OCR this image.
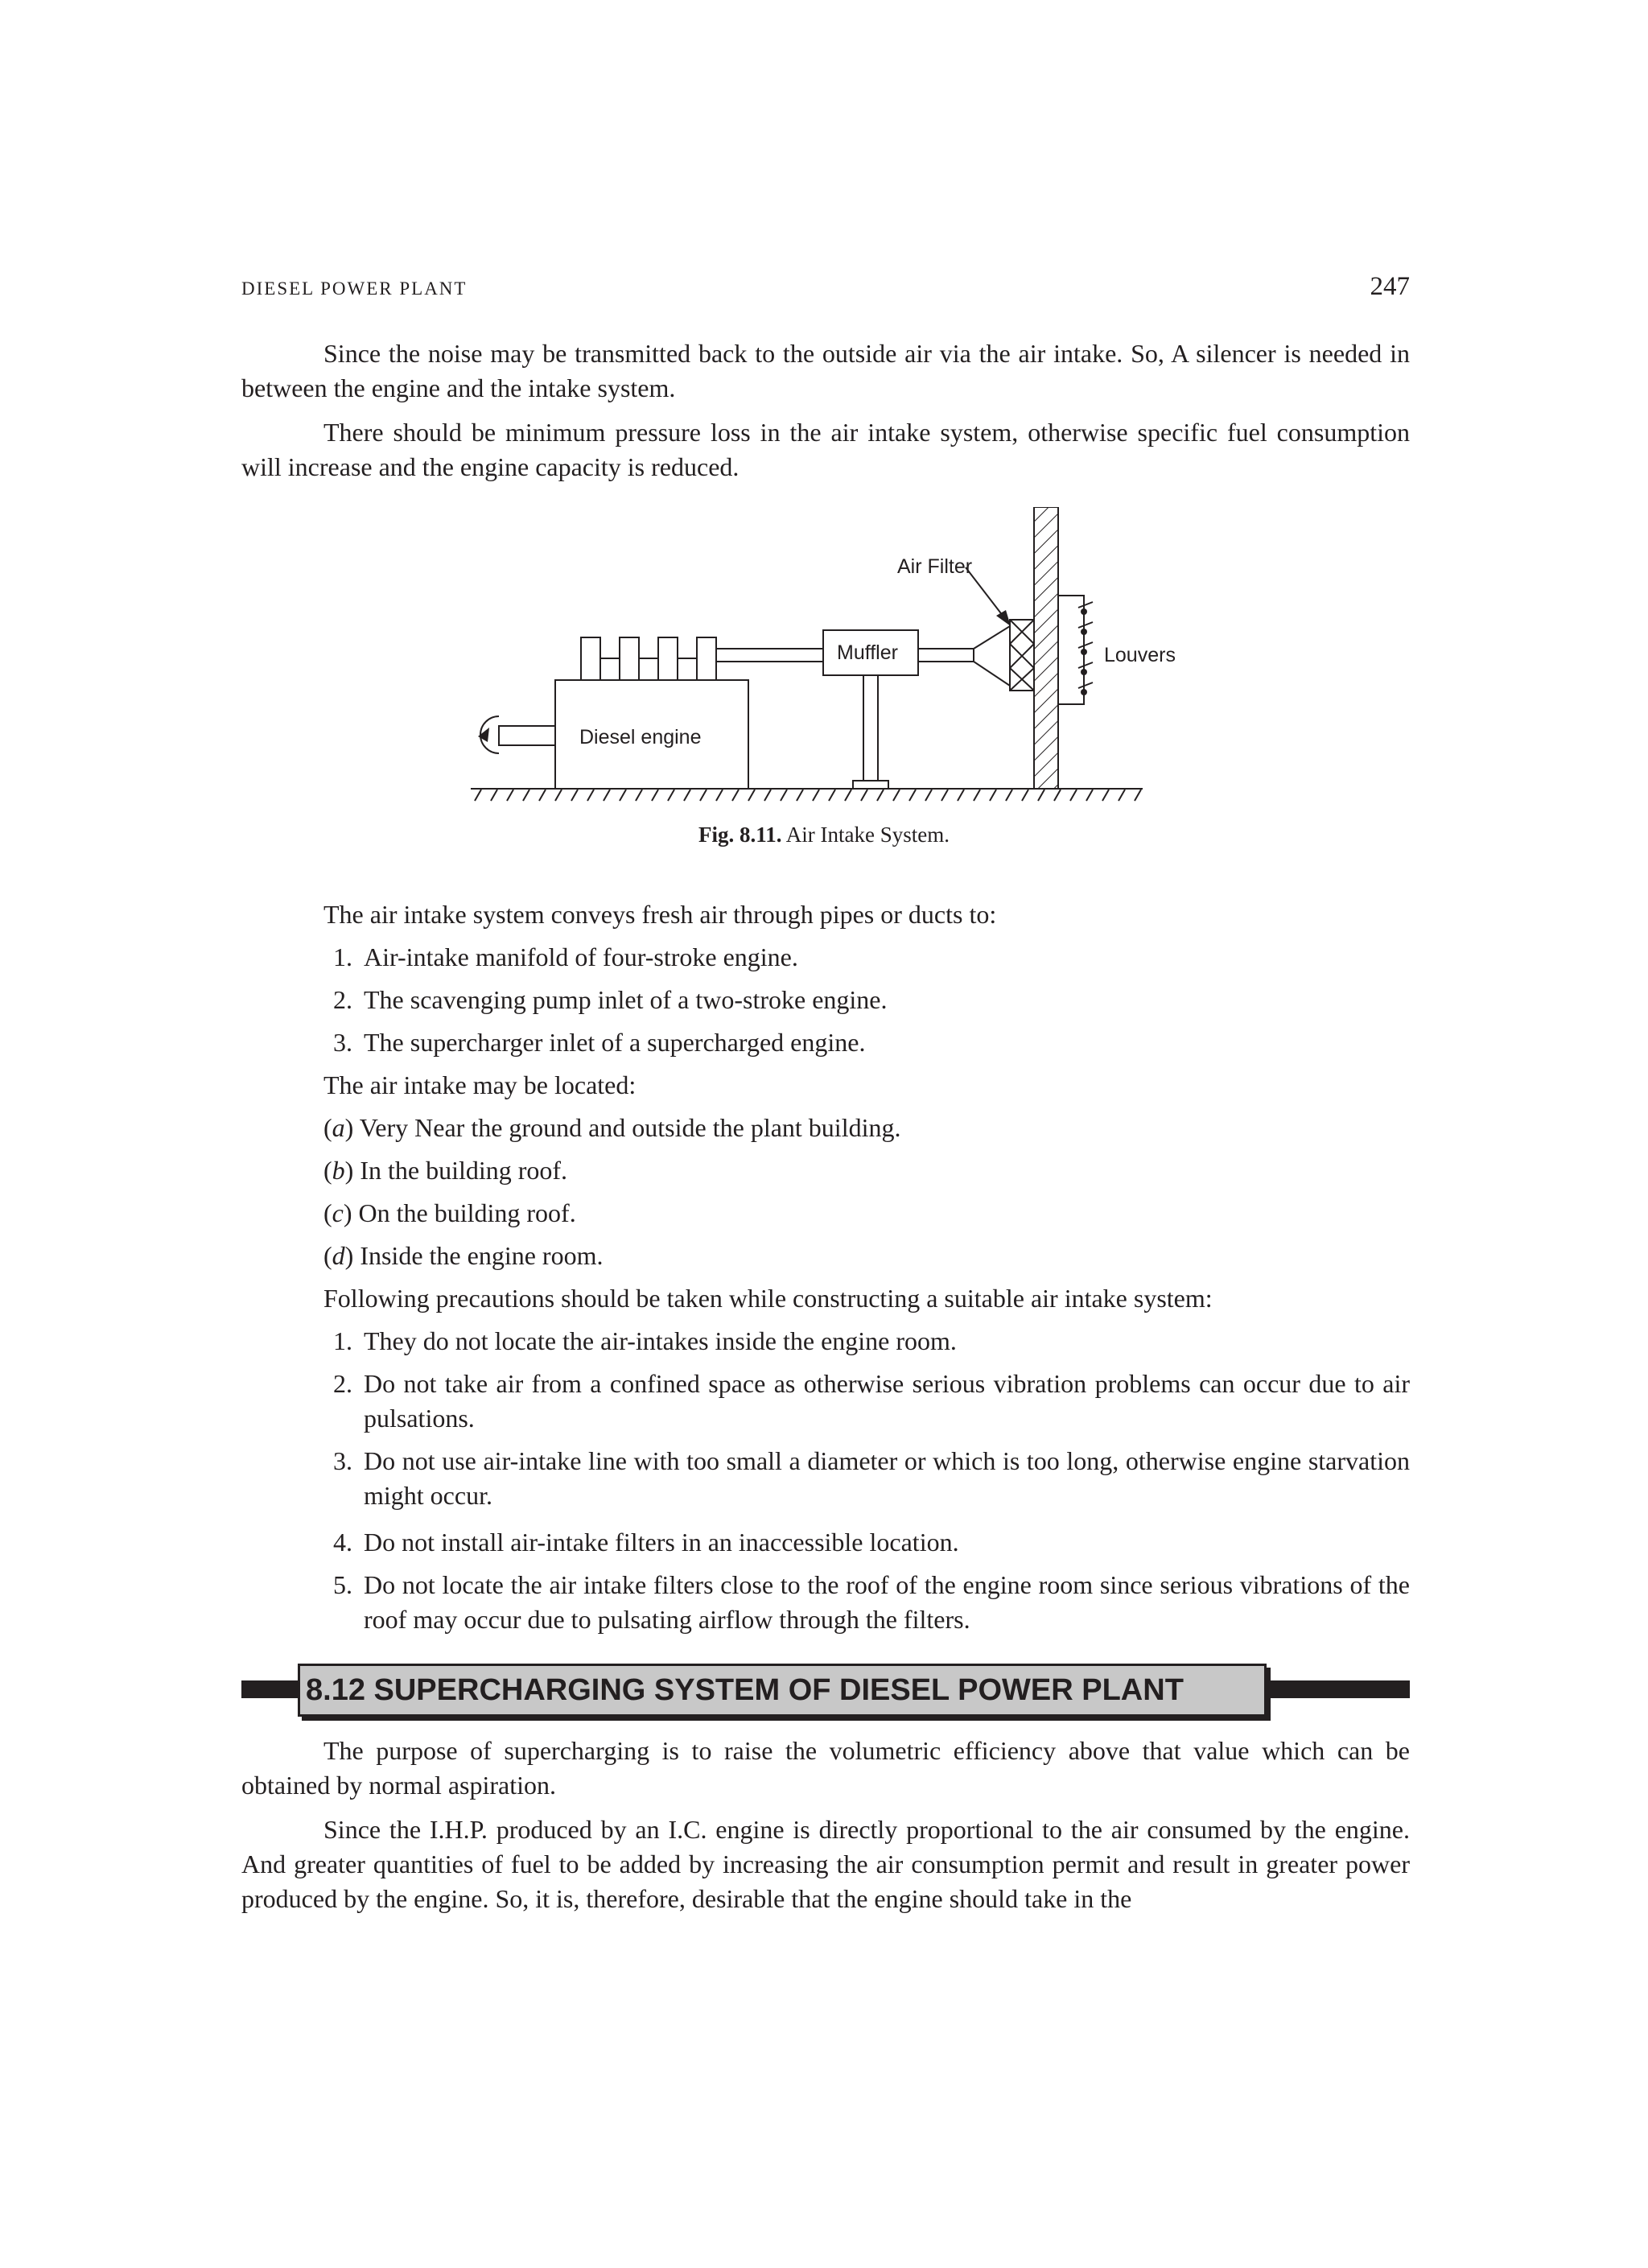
DIESEL POWER PLANT	247

Since the noise may be transmitted back to the outside air via the air intake. So, A silencer is needed in between the engine and the intake system.

There should be minimum pressure loss in the air intake system, otherwise specific fuel consumption will increase and the engine capacity is reduced.

Air Filter
Muffler	Louvers
Diesel engine
Fig. 8.11. Air Intake System.

The air intake system conveys fresh air through pipes or ducts to:

1. Air-intake manifold of four-stroke engine.

2. The scavenging pump inlet of a two-stroke engine.

3. The supercharger inlet of a supercharged engine.

The air intake may be located:

(a) Very Near the ground and outside the plant building.

(b) In the building roof.

(c) On the building roof.

(d) Inside the engine room.

Following precautions should be taken while constructing a suitable air intake system:

1. They do not locate the air-intakes inside the engine room.

2. Do not take air from a confined space as otherwise serious vibration problems can occur due to air pulsations.

3. Do not use air-intake line with too small a diameter or which is too long, otherwise engine starvation might occur.

4. Do not install air-intake filters in an inaccessible location.

5. Do not locate the air intake filters close to the roof of the engine room since serious vibrations of the roof may occur due to pulsating airflow through the filters.

8.12 SUPERCHARGING SYSTEM OF DIESEL POWER PLANT

The purpose of supercharging is to raise the volumetric efficiency above that value which can be obtained by normal aspiration.

Since the I.H.P. produced by an I.C. engine is directly proportional to the air consumed by the engine. And greater quantities of fuel to be added by increasing the air consumption permit and result in greater power produced by the engine. So, it is, therefore, desirable that the engine should take in the
